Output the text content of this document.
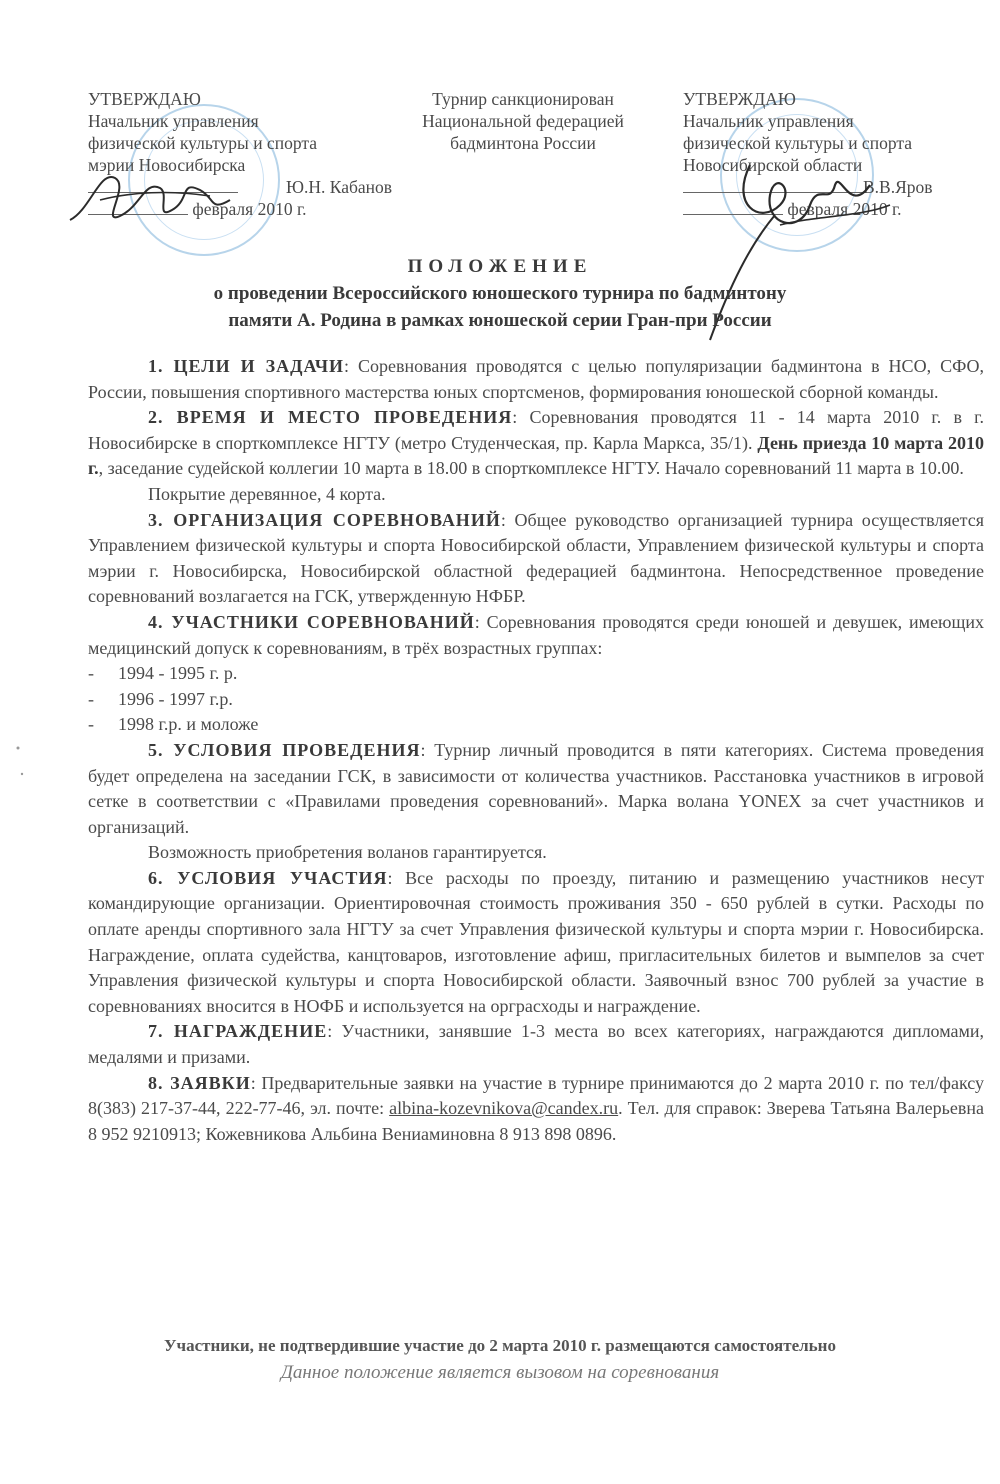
УТВЕРЖДАЮ
Начальник управления
физической культуры и спорта
мэрии Новосибирска
Ю.Н. Кабанов
февраля 2010 г.
Турнир санкционирован
Национальной федерацией
бадминтона России
УТВЕРЖДАЮ
Начальник управления
физической культуры и спорта
Новосибирской области
В.В.Яров
февраля 2010 г.
ПОЛОЖЕНИЕ
о проведении Всероссийского юношеского турнира по бадминтону
памяти А. Родина в рамках юношеской серии Гран-при России

1. ЦЕЛИ И ЗАДАЧИ: Соревнования проводятся с целью популяризации бадминтона в НСО, СФО, России, повышения спортивного мастерства юных спортсменов, формирования юношеской сборной команды.

2. ВРЕМЯ И МЕСТО ПРОВЕДЕНИЯ: Соревнования проводятся 11 - 14 марта 2010 г. в г. Новосибирске в спорткомплексе НГТУ (метро Студенческая, пр. Карла Маркса, 35/1). День приезда 10 марта 2010 г., заседание судейской коллегии 10 марта в 18.00 в спорткомплексе НГТУ. Начало соревнований 11 марта в 10.00.

Покрытие деревянное, 4 корта.

3. ОРГАНИЗАЦИЯ СОРЕВНОВАНИЙ: Общее руководство организацией турнира осуществляется Управлением физической культуры и спорта Новосибирской области, Управлением физической культуры и спорта мэрии г. Новосибирска, Новосибирской областной федерацией бадминтона. Непосредственное проведение соревнований возлагается на ГСК, утвержденную НФБР.

4. УЧАСТНИКИ СОРЕВНОВАНИЙ: Соревнования проводятся среди юношей и девушек, имеющих медицинский допуск к соревнованиям, в трёх возрастных группах:

- 1994 - 1995 г. р.

- 1996 - 1997 г.р.

- 1998 г.р. и моложе

5. УСЛОВИЯ ПРОВЕДЕНИЯ: Турнир личный проводится в пяти категориях. Система проведения будет определена на заседании ГСК, в зависимости от количества участников. Расстановка участников в игровой сетке в соответствии с «Правилами проведения соревнований». Марка волана YONEX за счет участников и организаций.

Возможность приобретения воланов гарантируется.

6. УСЛОВИЯ УЧАСТИЯ: Все расходы по проезду, питанию и размещению участников несут командирующие организации. Ориентировочная стоимость проживания 350 - 650 рублей в сутки. Расходы по оплате аренды спортивного зала НГТУ за счет Управления физической культуры и спорта мэрии г. Новосибирска. Награждение, оплата судейства, канцтоваров, изготовление афиш, пригласительных билетов и вымпелов за счет Управления физической культуры и спорта Новосибирской области. Заявочный взнос 700 рублей за участие в соревнованиях вносится в НОФБ и используется на орграсходы и награждение.

7. НАГРАЖДЕНИЕ: Участники, занявшие 1-3 места во всех категориях, награждаются дипломами, медалями и призами.

8. ЗАЯВКИ: Предварительные заявки на участие в турнире принимаются до 2 марта 2010 г. по тел/факсу 8(383) 217-37-44, 222-77-46, эл. почте: albina-kozevnikova@candex.ru. Тел. для справок: Зверева Татьяна Валерьевна 8 952 9210913; Кожевникова Альбина Вениаминовна 8 913 898 0896.

Участники, не подтвердившие участие до 2 марта 2010 г. размещаются самостоятельно
Данное положение является вызовом на соревнования
